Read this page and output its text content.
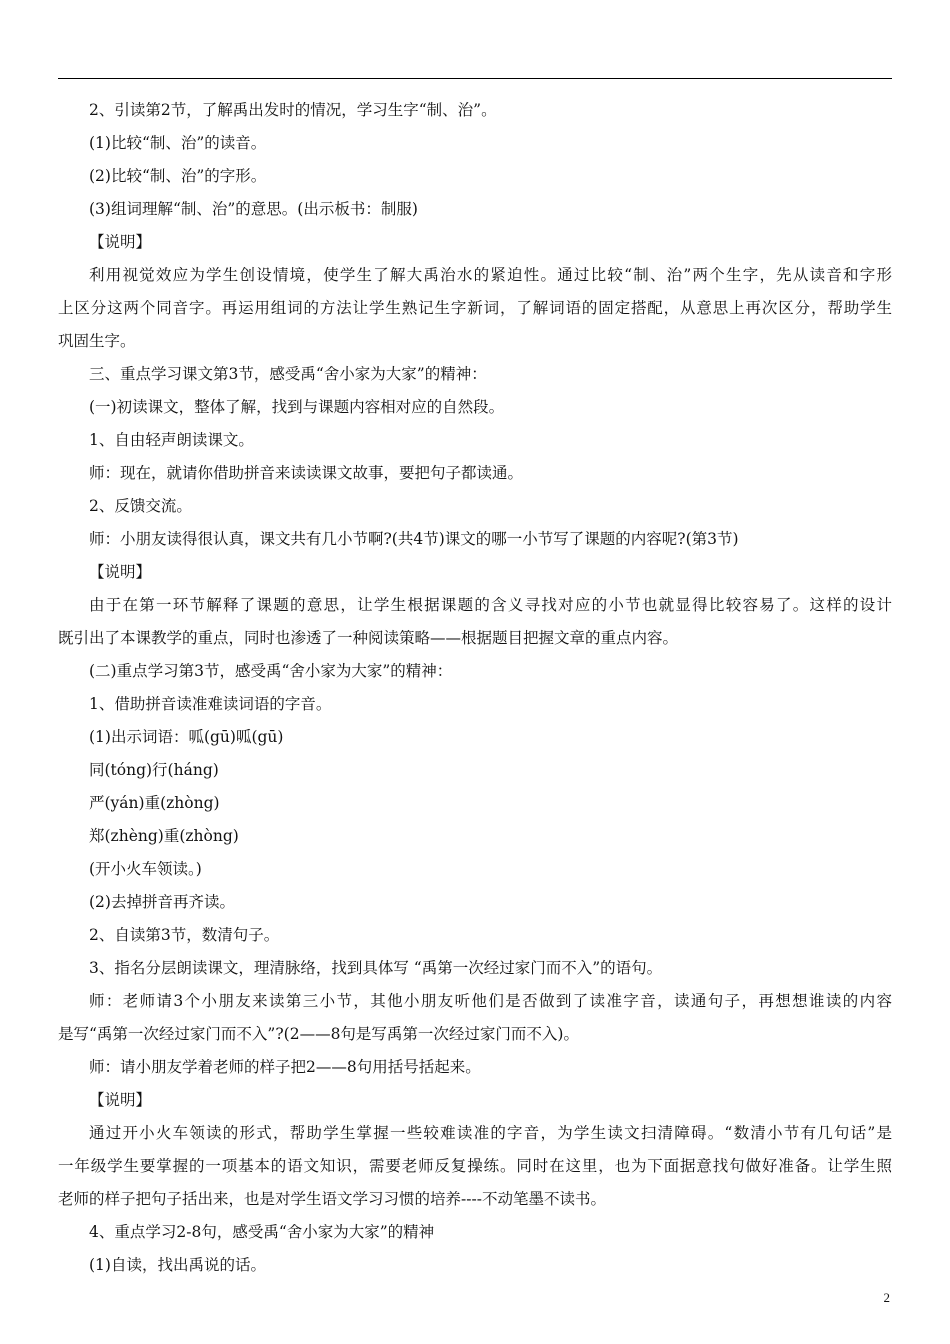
2、引读第2节，了解禹出发时的情况，学习生字“制、治”。
(1)比较“制、治”的读音。
(2)比较“制、治”的字形。
(3)组词理解“制、治”的意思。(出示板书：制服)
【说明】
利用视觉效应为学生创设情境，使学生了解大禹治水的紧迫性。通过比较“制、治”两个生字，先从读音和字形
上区分这两个同音字。再运用组词的方法让学生熟记生字新词，了解词语的固定搭配，从意思上再次区分，帮助学生
巩固生字。
三、重点学习课文第3节，感受禹“舍小家为大家”的精神：
(一)初读课文，整体了解，找到与课题内容相对应的自然段。
1、自由轻声朗读课文。
师：现在，就请你借助拼音来读读课文故事，要把句子都读通。
2、反馈交流。
师：小朋友读得很认真，课文共有几小节啊?(共4节)课文的哪一小节写了课题的内容呢?(第3节)
【说明】
由于在第一环节解释了课题的意思，让学生根据课题的含义寻找对应的小节也就显得比较容易了。这样的设计
既引出了本课教学的重点，同时也渗透了一种阅读策略——根据题目把握文章的重点内容。
(二)重点学习第3节，感受禹“舍小家为大家”的精神：
1、借助拼音读准难读词语的字音。
(1)出示词语：呱(gū)呱(gū)
同(tóng)行(háng)
严(yán)重(zhòng)
郑(zhèng)重(zhòng)
(开小火车领读。)
(2)去掉拼音再齐读。
2、自读第3节，数清句子。
3、指名分层朗读课文，理清脉络，找到具体写 “禹第一次经过家门而不入”的语句。
师：老师请3个小朋友来读第三小节，其他小朋友听他们是否做到了读准字音，读通句子，再想想谁读的内容
是写“禹第一次经过家门而不入”?(2——8句是写禹第一次经过家门而不入)。
师：请小朋友学着老师的样子把2——8句用括号括起来。
【说明】
通过开小火车领读的形式，帮助学生掌握一些较难读准的字音，为学生读文扫清障碍。“数清小节有几句话”是
一年级学生要掌握的一项基本的语文知识，需要老师反复操练。同时在这里，也为下面据意找句做好准备。让学生照
老师的样子把句子括出来，也是对学生语文学习习惯的培养----不动笔墨不读书。
4、重点学习2-8句，感受禹“舍小家为大家”的精神
(1)自读，找出禹说的话。
2
